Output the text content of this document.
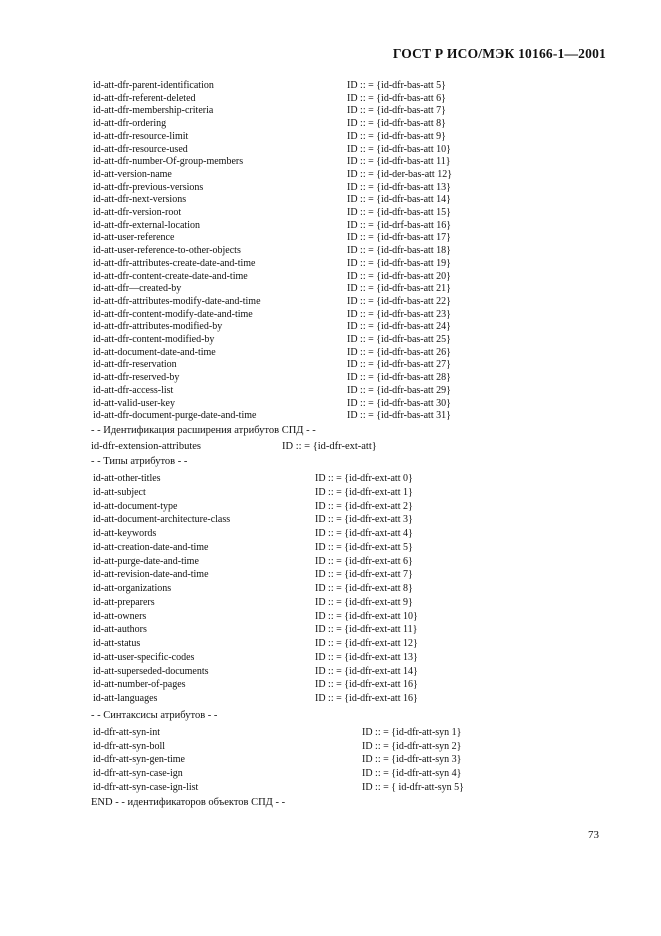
ГОСТ Р ИСО/МЭК 10166-1—2001
id-att-dfr-parent-identification	ID :: = {id-dfr-bas-att 5}
id-att-dfr-referent-deleted	ID :: = {id-dfr-bas-att 6}
id-att-dfr-membership-criteria	ID :: = {id-dfr-bas-att 7}
id-att-dfr-ordering	ID :: = {id-dfr-bas-att 8}
id-att-dfr-resource-limit	ID :: = {id-dfr-bas-att 9}
id-att-dfr-resource-used	ID :: = {id-dfr-bas-att 10}
id-att-dfr-number-Of-group-members	ID :: = {id-dfr-bas-att 11}
id-att-version-name	ID :: = {id-der-bas-att 12}
id-att-dfr-previous-versions	ID :: = {id-dfr-bas-att 13}
id-att-dfr-next-versions	ID :: = {id-dfr-bas-att 14}
id-att-dfr-version-root	ID :: = {id-dfr-bas-att 15}
id-att-dfr-external-location	ID :: = {id-drf-bas-att 16}
id-att-user-reference	ID :: = {id-dfr-bas-att 17}
id-att-user-reference-to-other-objects	ID :: = {id-dfr-bas-att 18}
id-att-dfr-attributes-create-date-and-time	ID :: = {id-dfr-bas-att 19}
id-att-dfr-content-create-date-and-time	ID :: = {id-dfr-bas-att 20}
id-att-dfr—created-by	ID :: = {id-dfr-bas-att 21}
id-att-dfr-attributes-modify-date-and-time	ID :: = {id-dfr-bas-att 22}
id-att-dfr-content-modify-date-and-time	ID :: = {id-dfr-bas-att 23}
id-att-dfr-attributes-modified-by	ID :: = {id-dfr-bas-att 24}
id-att-dfr-content-modified-by	ID :: = {id-dfr-bas-att 25}
id-att-document-date-and-time	ID :: = {id-dfr-bas-att 26}
id-att-dfr-reservation	ID :: = {id-dfr-bas-att 27}
id-att-dfr-reserved-by	ID :: = {id-dfr-bas-att 28}
id-att-dfr-access-list	ID :: = {id-dfr-bas-att 29}
id-att-valid-user-key	ID :: = {id-dfr-bas-att 30}
id-att-dfr-document-purge-date-and-time	ID :: = {id-dfr-bas-att 31}
- - Идентификация расширения атрибутов СПД - -
id-dfr-extension-attributes	ID :: = {id-dfr-ext-att}
- - Типы атрибутов - -
id-att-other-titles	ID :: = {id-dfr-ext-att 0}
id-att-subject	ID :: = {id-dfr-ext-att 1}
id-att-document-type	ID :: = {id-dfr-ext-att 2}
id-att-document-architecture-class	ID :: = {id-dfr-ext-att 3}
id-att-keywords	ID :: = {id-dfr-axt-att 4}
id-att-creation-date-and-time	ID :: = {id-dfr-ext-att 5}
id-att-purge-date-and-time	ID :: = {id-dfr-ext-att 6}
id-att-revision-date-and-time	ID :: = {id-dfr-ext-att 7}
id-att-organizations	ID :: = {id-dfr-ext-att 8}
id-att-preparers	ID :: = {id-dfr-ext-att 9}
id-att-owners	ID :: = {id-dfr-ext-att 10}
id-att-authors	ID :: = {id-dfr-ext-att 11}
id-att-status	ID :: = {id-dfr-ext-att 12}
id-att-user-specific-codes	ID :: = {id-dfr-ext-att 13}
id-att-superseded-documents	ID :: = {id-dfr-ext-att 14}
id-att-number-of-pages	ID :: = {id-dfr-ext-att 16}
id-att-languages	ID :: = {id-dfr-ext-att 16}
- - Синтаксисы атрибутов - -
id-dfr-att-syn-int	ID :: = {id-dfr-att-syn 1}
id-dfr-att-syn-boll	ID :: = {id-dfr-att-syn 2}
id-dfr-att-syn-gen-time	ID :: = {id-dfr-att-syn 3}
id-dfr-att-syn-case-ign	ID :: = {id-dfr-att-syn 4}
id-dfr-att-syn-case-ign-list	ID :: = { id-dfr-att-syn 5}
END - - идентификаторов объектов СПД - -
73
